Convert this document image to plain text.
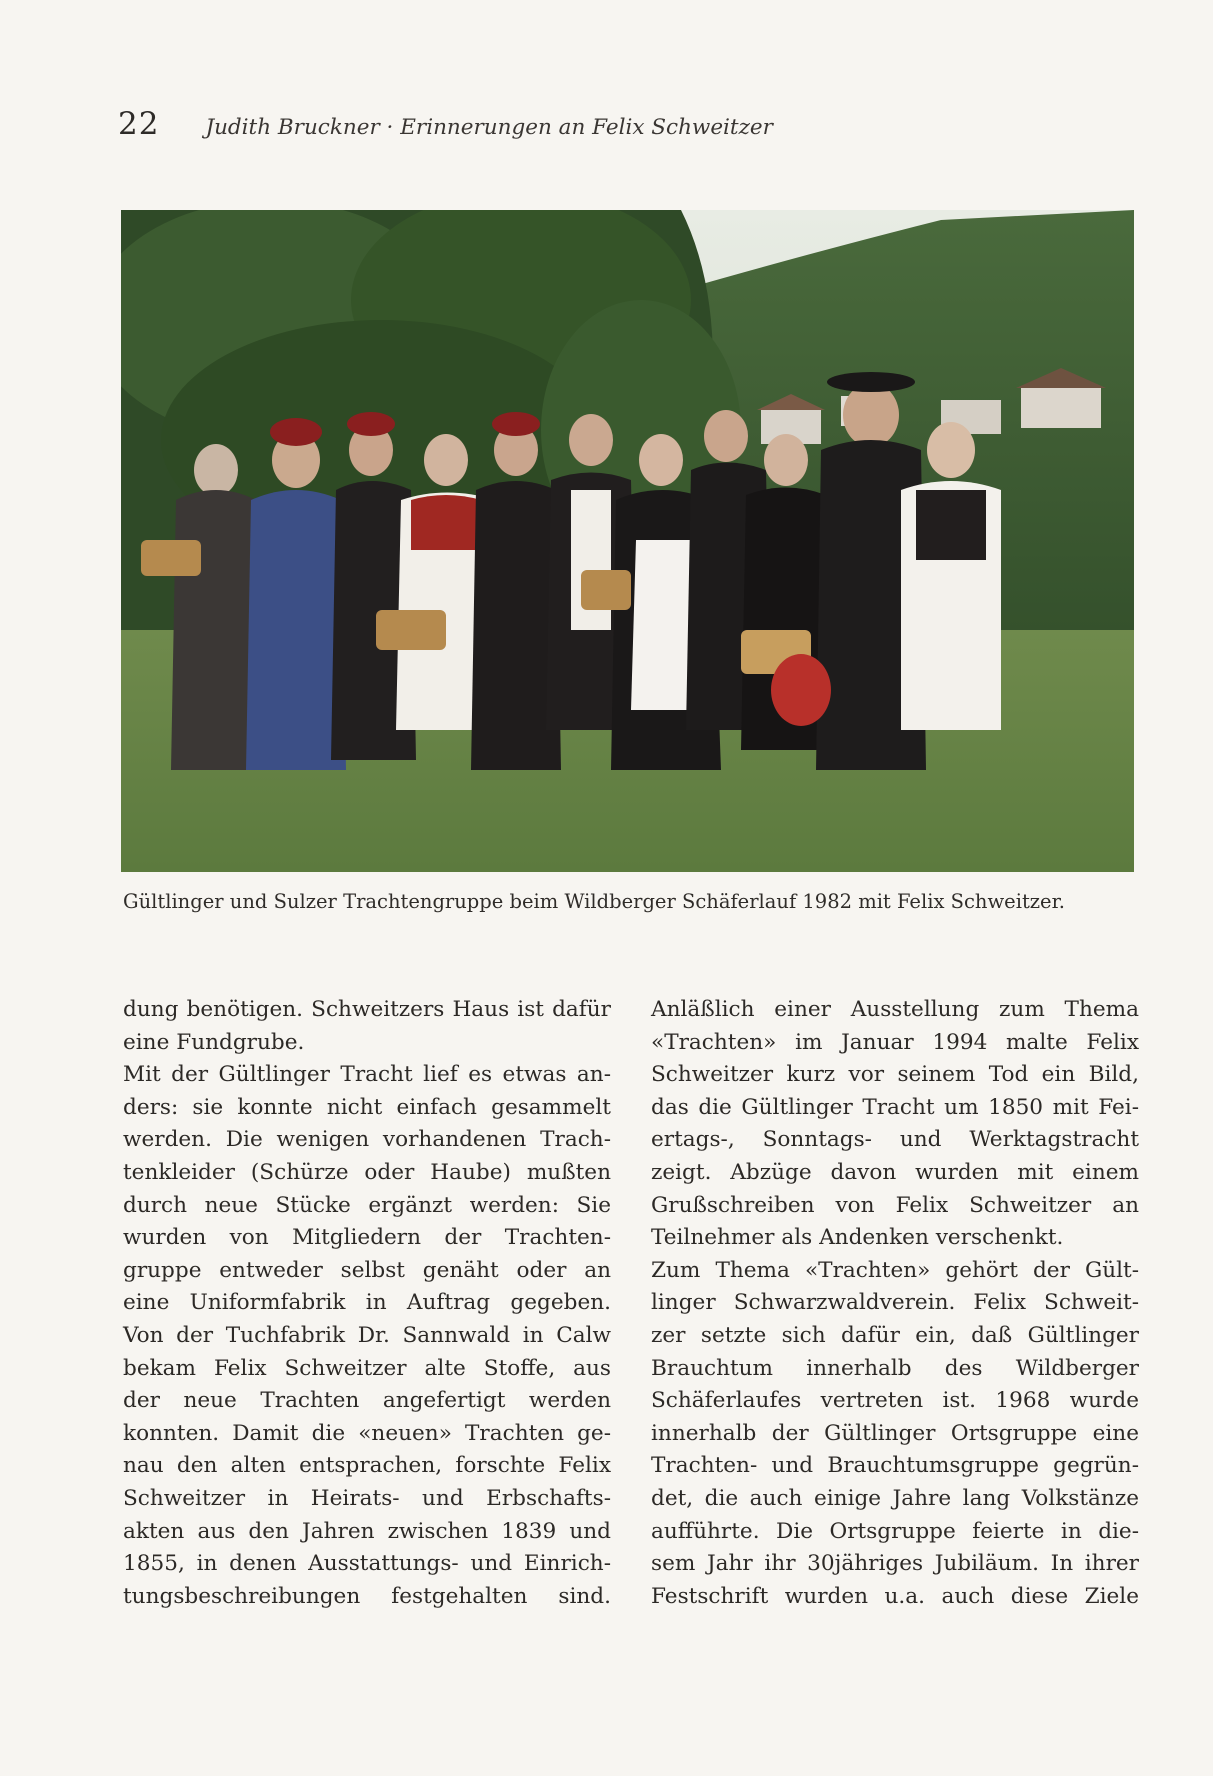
22 Judith Bruckner · Erinnerungen an Felix Schweitzer
Gültlinger und Sulzer Trachtengruppe beim Wildberger Schäferlauf 1982 mit Felix Schweitzer.
dung benötigen. Schweitzers Haus ist dafür
eine Fundgrube.
Mit der Gültlinger Tracht lief es etwas an-
ders: sie konnte nicht einfach gesammelt
werden. Die wenigen vorhandenen Trach-
tenkleider (Schürze oder Haube) mußten
durch neue Stücke ergänzt werden: Sie
wurden von Mitgliedern der Trachten-
gruppe entweder selbst genäht oder an
eine Uniformfabrik in Auftrag gegeben.
Von der Tuchfabrik Dr. Sannwald in Calw
bekam Felix Schweitzer alte Stoffe, aus
der neue Trachten angefertigt werden
konnten. Damit die «neuen» Trachten ge-
nau den alten entsprachen, forschte Felix
Schweitzer in Heirats- und Erbschafts-
akten aus den Jahren zwischen 1839 und
1855, in denen Ausstattungs- und Einrich-
tungsbeschreibungen festgehalten sind.
Anläßlich einer Ausstellung zum Thema
«Trachten» im Januar 1994 malte Felix
Schweitzer kurz vor seinem Tod ein Bild,
das die Gültlinger Tracht um 1850 mit Fei-
ertags-, Sonntags- und Werktagstracht
zeigt. Abzüge davon wurden mit einem
Grußschreiben von Felix Schweitzer an
Teilnehmer als Andenken verschenkt.
Zum Thema «Trachten» gehört der Gült-
linger Schwarzwaldverein. Felix Schweit-
zer setzte sich dafür ein, daß Gültlinger
Brauchtum innerhalb des Wildberger
Schäferlaufes vertreten ist. 1968 wurde
innerhalb der Gültlinger Ortsgruppe eine
Trachten- und Brauchtumsgruppe gegrün-
det, die auch einige Jahre lang Volkstänze
aufführte. Die Ortsgruppe feierte in die-
sem Jahr ihr 30jähriges Jubiläum. In ihrer
Festschrift wurden u.a. auch diese Ziele
